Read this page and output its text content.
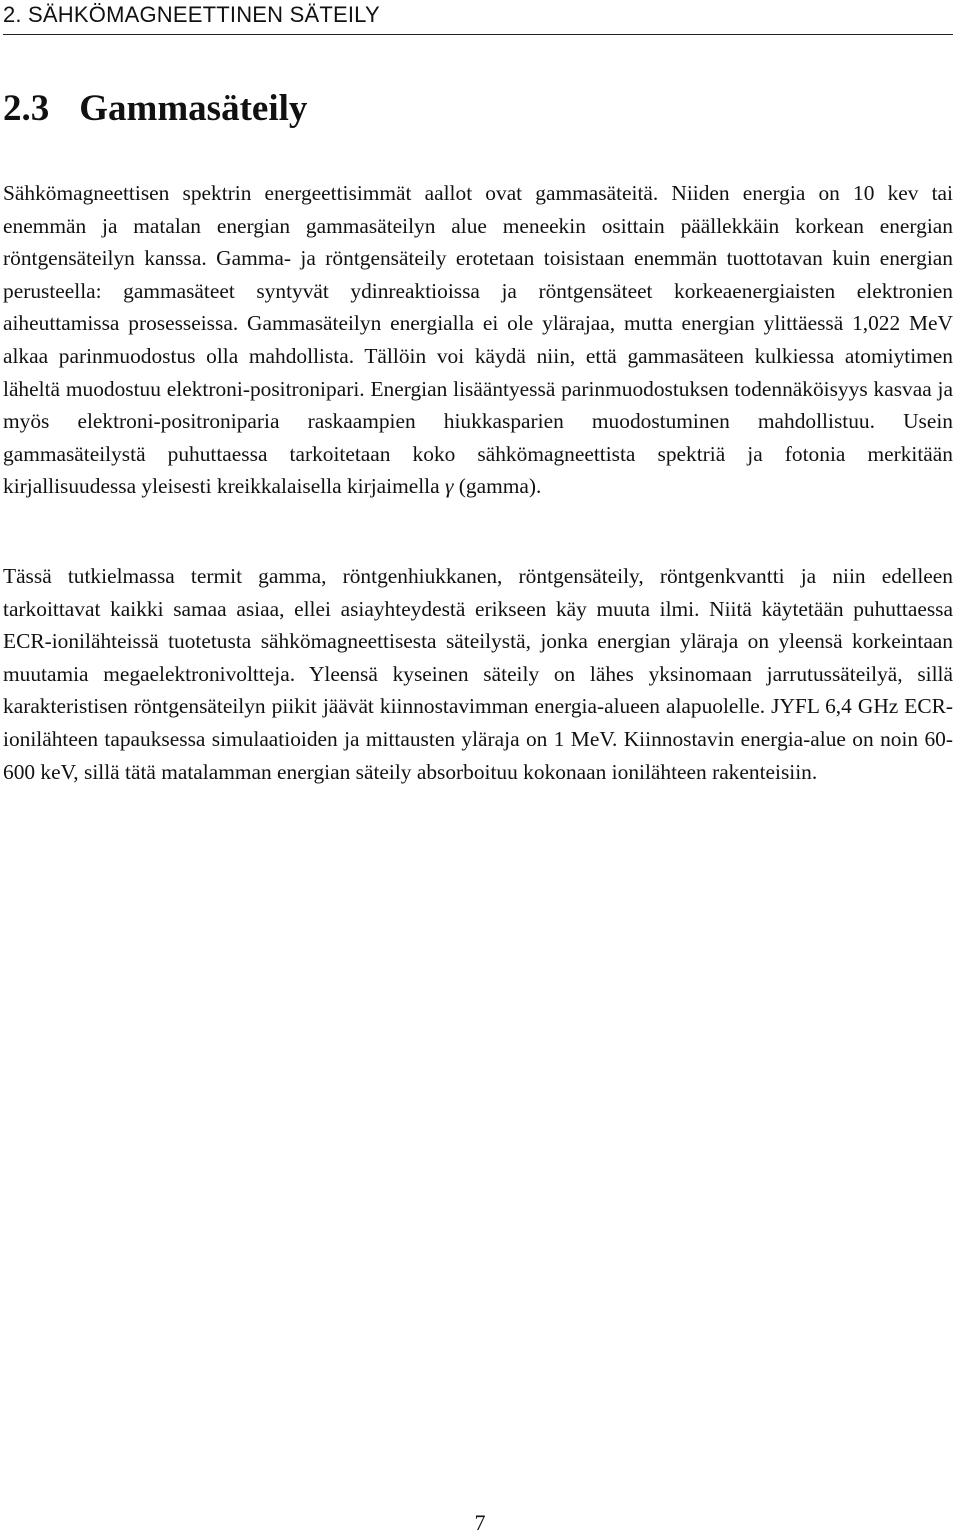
2. SÄHKÖMAGNEETTINEN SÄTEILY
2.3 Gammasäteily

Sähkömagneettisen spektrin energeettisimmät aallot ovat gammasäteitä. Niiden energia on 10 kev tai enemmän ja matalan energian gammasäteilyn alue meneekin osittain päällekkäin korkean energian röntgensäteilyn kanssa. Gamma- ja röntgensäteily erotetaan toisistaan enemmän tuottotavan kuin energian perusteella: gammasäteet syntyvät ydinreaktioissa ja röntgensäteet korkeaenergiaisten elektronien aiheuttamissa prosesseissa. Gammasäteilyn energialla ei ole ylärajaa, mutta energian ylittäessä 1,022 MeV alkaa parinmuodostus olla mahdollista. Tällöin voi käydä niin, että gammasäteen kulkiessa atomiytimen läheltä muodostuu elektroni-positronipari. Energian lisääntyessä parinmuodostuksen todennäköisyys kasvaa ja myös elektroni-positroniparia raskaampien hiukkasparien muodostuminen mahdollistuu. Usein gammasäteilystä puhuttaessa tarkoitetaan koko sähkömagneettista spektriä ja fotonia merkitään kirjallisuudessa yleisesti kreikkalaisella kirjaimella γ (gamma).

Tässä tutkielmassa termit gamma, röntgenhiukkanen, röntgensäteily, röntgenkvantti ja niin edelleen tarkoittavat kaikki samaa asiaa, ellei asiayhteydestä erikseen käy muuta ilmi. Niitä käytetään puhuttaessa ECR-ionilähteissä tuotetusta sähkömagneettisesta säteilystä, jonka energian yläraja on yleensä korkeintaan muutamia megaelektronivoltteja. Yleensä kyseinen säteily on lähes yksinomaan jarrutussäteilyä, sillä karakteristisen röntgensäteilyn piikit jäävät kiinnostavimman energia-alueen alapuolelle. JYFL 6,4 GHz ECR-ionilähteen tapauksessa simulaatioiden ja mittausten yläraja on 1 MeV. Kiinnostavin energia-alue on noin 60-600 keV, sillä tätä matalamman energian säteily absorboituu kokonaan ionilähteen rakenteisiin.

7
